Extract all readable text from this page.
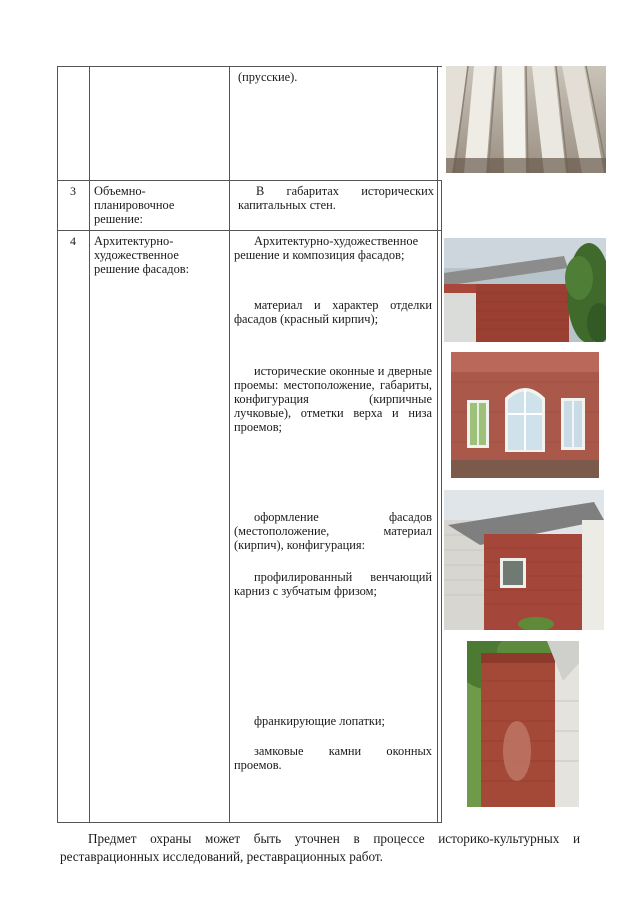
(прусские).
3 Объемно-
планировочное
решение:
В габаритах исторических капитальных стен.
4 Архитектурно-
художественное
решение фасадов:
Архитектурно-художественное решение и композиция фасадов;
материал и характер отделки фасадов (красный кирпич);
исторические оконные и дверные проемы: местоположение, габариты, конфигурация (кирпичные лучковые), отметки верха и низа проемов;
оформление фасадов (местоположение, материал (кирпич), конфигурация:
профилированный венчающий карниз с зубчатым фризом;
франкирующие лопатки;
замковые камни оконных проемов.
Предмет охраны может быть уточнен в процессе историко-культурных и реставрационных исследований, реставрационных работ.
